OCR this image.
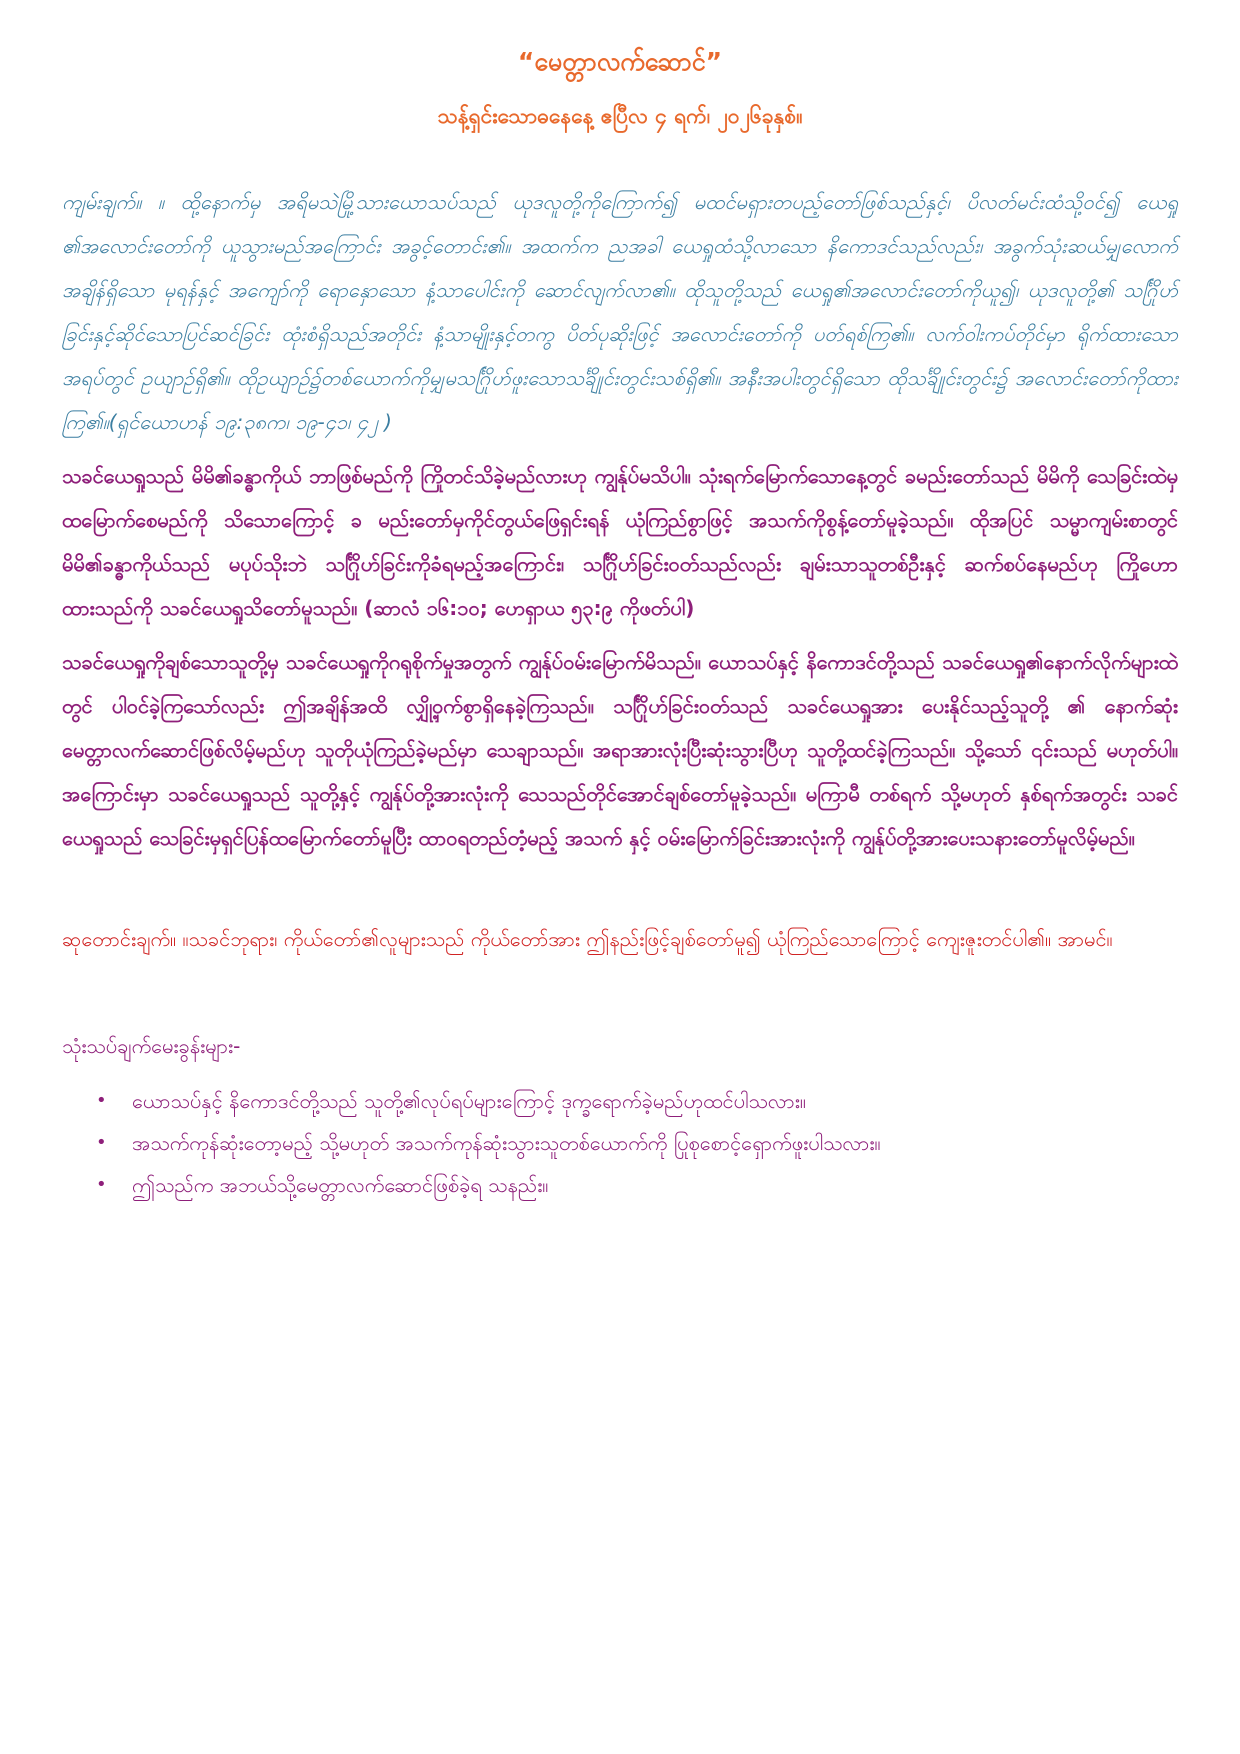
“မေတ္တာလက်ဆောင်”
သန့်ရှင်းသောဓနေနေ့ ဧပြီလ ၄ ရက်၊ ၂၀၂၆ခုနှစ်။

ကျမ်းချက်။ ။ ထို့နောက်မှ အရိမသဲမြို့သားယောသပ်သည် ယုဒလူတို့ကိုကြောက်၍ မထင်မရှားတပည့်တော်ဖြစ်သည်နှင့်၊ ပိလတ်မင်းထံသို့ဝင်၍ ယေရှု ၏အလောင်းတော်ကို ယူသွားမည်အကြောင်း အခွင့်တောင်း၏။ အထက်က ညအခါ ယေရှုထံသို့လာသော နိကောဒင်သည်လည်း၊ အခွက်သုံးဆယ်မျှလောက်အချိန်ရှိသော မုရန်နှင့် အကျော်ကို ရောနှောသော နံ့သာပေါင်းကို ဆောင်လျက်လာ၏။ ထိုသူတို့သည် ယေရှု၏အလောင်းတော်ကိုယူ၍၊ ယုဒလူတို့၏ သင်္ဂြိုဟ်ခြင်းနှင့်ဆိုင်သောပြင်ဆင်ခြင်း ထုံးစံရှိသည်အတိုင်း နံ့သာမျိုးနှင့်တကွ ပိတ်ပုဆိုးဖြင့် အလောင်းတော်ကို ပတ်ရစ်ကြ၏။ လက်ဝါးကပ်တိုင်မှာ ရိုက်ထားသောအရပ်တွင် ဥယျာဉ်ရှိ၏။ ထိုဥယျာဉ်၌တစ်ယောက်ကိုမျှမသင်္ဂြိုဟ်ဖူးသောသင်္ချိုင်းတွင်းသစ်ရှိ၏။ အနီးအပါးတွင်ရှိသော ထိုသင်္ချိုင်းတွင်း၌ အလောင်းတော်ကိုထားကြ၏။(ရှင်ယောဟန် ၁၉:၃၈က၊ ၁၉-၄၁၊ ၄၂ )

သခင်ယေရှုသည် မိမိ၏ခန္ဓာကိုယ် ဘာဖြစ်မည်ကို ကြိုတင်သိခဲ့မည်လားဟု ကျွန်ုပ်မသိပါ။ သုံးရက်မြောက်သောနေ့တွင် ခမည်းတော်သည် မိမိကို သေခြင်းထဲမှ ထမြောက်စေမည်ကို သိသောကြောင့် ခ မည်းတော်မှကိုင်တွယ်ဖြေရှင်းရန် ယုံကြည်စွာဖြင့် အသက်ကိုစွန့်တော်မူခဲ့သည်။ ထိုအပြင် သမ္မာကျမ်းစာတွင် မိမိ၏ခန္ဓာကိုယ်သည် မပုပ်သိုးဘဲ သင်္ဂြိုဟ်ခြင်းကိုခံရမည့်အကြောင်း၊ သင်္ဂြိုဟ်ခြင်းဝတ်သည်လည်း ချမ်းသာသူတစ်ဦးနှင့် ဆက်စပ်နေမည်ဟု ကြိုဟောထားသည်ကို သခင်ယေရှုသိတော်မူသည်။ (ဆာလံ ၁၆:၁၀; ဟေရှာယ ၅၃:၉ ကိုဖတ်ပါ)

သခင်ယေရှုကိုချစ်သောသူတို့မှ သခင်ယေရှုကိုဂရုစိုက်မှုအတွက် ကျွန်ုပ်ဝမ်းမြောက်မိသည်။ ယောသပ်နှင့် နိကောဒင်တို့သည် သခင်ယေရှု၏နောက်လိုက်များထဲတွင် ပါဝင်ခဲ့ကြသော်လည်း ဤအချိန်အထိ လျှို့ဝှက်စွာရှိနေခဲ့ကြသည်။ သင်္ဂြိုဟ်ခြင်းဝတ်သည် သခင်ယေရှုအား ပေးနိုင်သည့်သူတို့ ၏ နောက်ဆုံးမေတ္တာလက်ဆောင်ဖြစ်လိမ့်မည်ဟု သူတိုယုံကြည်ခဲ့မည်မှာ သေချာသည်။ အရာအားလုံးပြီးဆုံးသွားပြီဟု သူတို့ထင်ခဲ့ကြသည်။ သို့သော် ၎င်းသည် မဟုတ်ပါ။ အကြောင်းမှာ သခင်ယေရှုသည် သူတို့နှင့် ကျွန်ုပ်တို့အားလုံးကို သေသည်တိုင်အောင်ချစ်တော်မူခဲ့သည်။ မကြာမီ တစ်ရက် သို့မဟုတ် နှစ်ရက်အတွင်း သခင်ယေရှုသည် သေခြင်းမှရှင်ပြန်ထမြောက်တော်မူပြီး ထာဝရတည်တံ့မည့် အသက် နှင့် ဝမ်းမြောက်ခြင်းအားလုံးကို ကျွန်ုပ်တို့အားပေးသနားတော်မူလိမ့်မည်။

ဆုတောင်းချက်။ ။သခင်ဘုရား၊ ကိုယ်တော်၏လူများသည် ကိုယ်တော်အား ဤနည်းဖြင့်ချစ်တော်မူ၍ ယုံကြည်သောကြောင့် ကျေးဇူးတင်ပါ၏။ အာမင်။

သုံးသပ်ချက်မေးခွန်းများ-

• ယောသပ်နှင့် နိကောဒင်တို့သည် သူတို့၏လုပ်ရပ်များကြောင့် ဒုက္ခရောက်ခဲ့မည်ဟုထင်ပါသလား။
• အသက်ကုန်ဆုံးတော့မည့် သို့မဟုတ် အသက်ကုန်ဆုံးသွားသူတစ်ယောက်ကို ပြုစုစောင့်ရှောက်ဖူးပါသလား။
• ဤသည်က အဘယ်သို့မေတ္တာလက်ဆောင်ဖြစ်ခဲ့ရ သနည်း။
